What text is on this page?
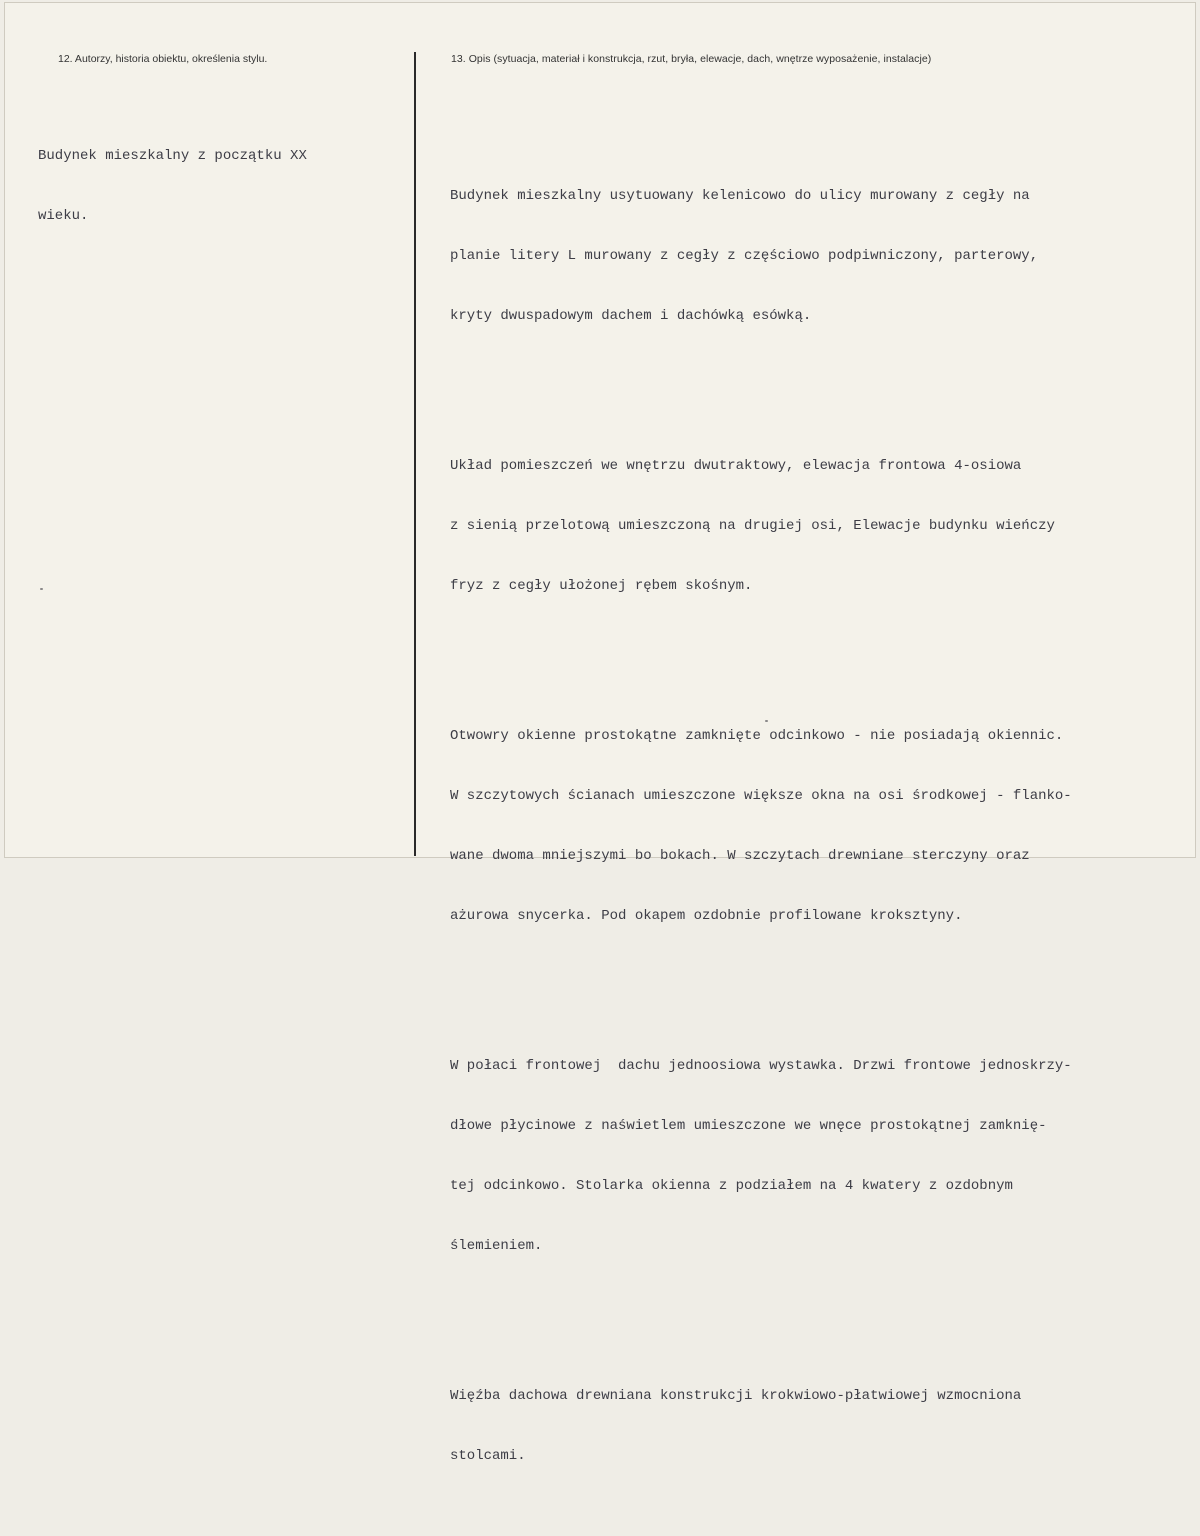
12. Autorzy, historia obiektu, określenia stylu.	13. Opis (sytuacja, materiał i konstrukcja, rzut, bryła, elewacje, dach, wnętrze wyposażenie, instalacje)

Budynek mieszkalny z początku XX

wieku.

Budynek mieszkalny usytuowany kelenicowo do ulicy murowany z cegły na

planie litery L murowany z cegły z częściowo podpiwniczony, parterowy,

kryty dwuspadowym dachem i dachówką esówką.

Układ pomieszczeń we wnętrzu dwutraktowy, elewacja frontowa 4-osiowa

z sienią przelotową umieszczoną na drugiej osi, Elewacje budynku wieńczy

fryz z cegły ułożonej rębem skośnym.

Otwowry okienne prostokątne zamknięte odcinkowo - nie posiadają okiennic.

W szczytowych ścianach umieszczone większe okna na osi środkowej - flanko-

wane dwoma mniejszymi bo bokach. W szczytach drewniane sterczyny oraz

ażurowa snycerka. Pod okapem ozdobnie profilowane kroksztyny.

W połaci frontowej  dachu jednoosiowa wystawka. Drzwi frontowe jednoskrzy-

dłowe płycinowe z naświetlem umieszczone we wnęce prostokątnej zamknię-

tej odcinkowo. Stolarka okienna z podziałem na 4 kwatery z ozdobnym

ślemieniem.

Więźba dachowa drewniana konstrukcji krokwiowo-płatwiowej wzmocniona

stolcami.
